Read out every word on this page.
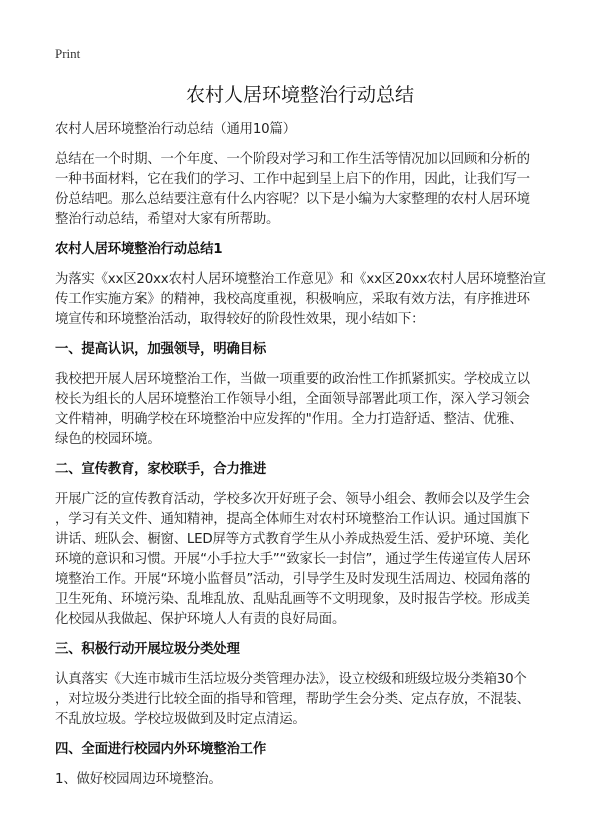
Print
农村人居环境整治行动总结
农村人居环境整治行动总结（通用10篇）
总结在一个时期、一个年度、一个阶段对学习和工作生活等情况加以回顾和分析的
一种书面材料，它在我们的学习、工作中起到呈上启下的作用，因此，让我们写一
份总结吧。那么总结要注意有什么内容呢？以下是小编为大家整理的农村人居环境
整治行动总结，希望对大家有所帮助。
农村人居环境整治行动总结1
为落实《xx区20xx农村人居环境整治工作意见》和《xx区20xx农村人居环境整治宣
传工作实施方案》的精神，我校高度重视，积极响应，采取有效方法，有序推进环
境宣传和环境整治活动，取得较好的阶段性效果，现小结如下：
一、提高认识，加强领导，明确目标
我校把开展人居环境整治工作，当做一项重要的政治性工作抓紧抓实。学校成立以
校长为组长的人居环境整治工作领导小组，全面领导部署此项工作，深入学习领会
文件精神，明确学校在环境整治中应发挥的"作用。全力打造舒适、整洁、优雅、
绿色的校园环境。
二、宣传教育，家校联手，合力推进
开展广泛的宣传教育活动，学校多次开好班子会、领导小组会、教师会以及学生会
，学习有关文件、通知精神，提高全体师生对农村环境整治工作认识。通过国旗下
讲话、班队会、橱窗、LED屏等方式教育学生从小养成热爱生活、爱护环境、美化
环境的意识和习惯。开展“小手拉大手”“致家长一封信”，通过学生传递宣传人居环
境整治工作。开展“环境小监督员”活动，引导学生及时发现生活周边、校园角落的
卫生死角、环境污染、乱堆乱放、乱贴乱画等不文明现象，及时报告学校。形成美
化校园从我做起、保护环境人人有责的良好局面。
三、积极行动开展垃圾分类处理
认真落实《大连市城市生活垃圾分类管理办法》，设立校级和班级垃圾分类箱30个
，对垃圾分类进行比较全面的指导和管理，帮助学生会分类、定点存放，不混装、
不乱放垃圾。学校垃圾做到及时定点清运。
四、全面进行校园内外环境整治工作
1、做好校园周边环境整治。
